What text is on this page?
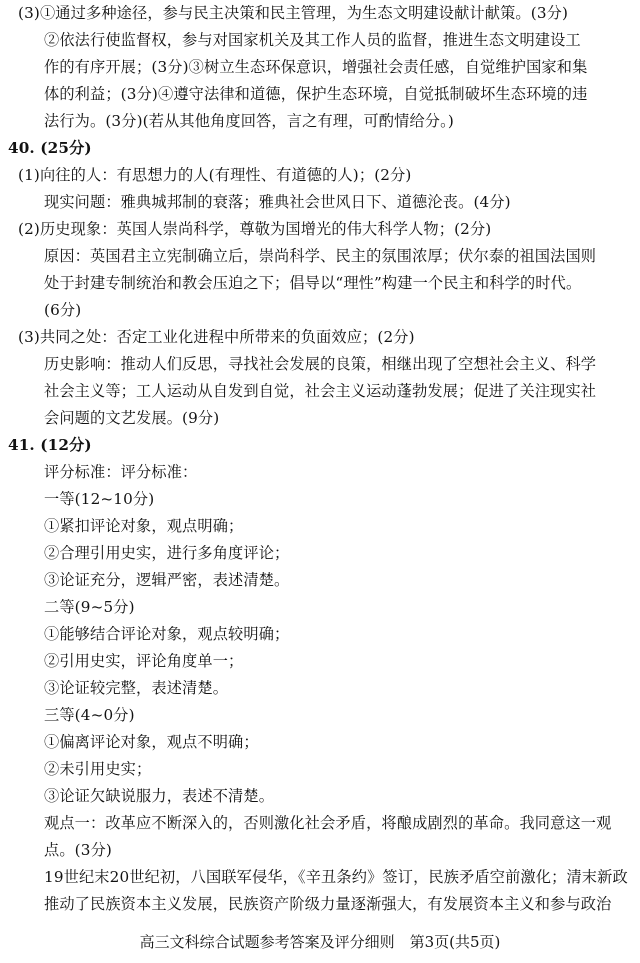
(3)①通过多种途径，参与民主决策和民主管理，为生态文明建设献计献策。(3分)
②依法行使监督权，参与对国家机关及其工作人员的监督，推进生态文明建设工
作的有序开展；(3分)③树立生态环保意识，增强社会责任感，自觉维护国家和集
体的利益；(3分)④遵守法律和道德，保护生态环境，自觉抵制破坏生态环境的违
法行为。(3分)(若从其他角度回答，言之有理，可酌情给分。)
40. (25分)
(1)向往的人：有思想力的人(有理性、有道德的人)；(2分)
现实问题：雅典城邦制的衰落；雅典社会世风日下、道德沦丧。(4分)
(2)历史现象：英国人崇尚科学，尊敬为国增光的伟大科学人物；(2分)
原因：英国君主立宪制确立后，崇尚科学、民主的氛围浓厚；伏尔泰的祖国法国则
处于封建专制统治和教会压迫之下；倡导以“理性”构建一个民主和科学的时代。
(6分)
(3)共同之处：否定工业化进程中所带来的负面效应；(2分)
历史影响：推动人们反思，寻找社会发展的良策，相继出现了空想社会主义、科学
社会主义等；工人运动从自发到自觉，社会主义运动蓬勃发展；促进了关注现实社
会问题的文艺发展。(9分)
41. (12分)
评分标准：评分标准：
一等(12~10分)
①紧扣评论对象，观点明确；
②合理引用史实，进行多角度评论；
③论证充分，逻辑严密，表述清楚。
二等(9~5分)
①能够结合评论对象，观点较明确；
②引用史实，评论角度单一；
③论证较完整，表述清楚。
三等(4~0分)
①偏离评论对象，观点不明确；
②未引用史实；
③论证欠缺说服力，表述不清楚。
观点一：改革应不断深入的，否则激化社会矛盾，将酿成剧烈的革命。我同意这一观
点。(3分)
19世纪末20世纪初，八国联军侵华，《辛丑条约》签订，民族矛盾空前激化；清末新政
推动了民族资本主义发展，民族资产阶级力量逐渐强大，有发展资本主义和参与政治
高三文科综合试题参考答案及评分细则　第3页(共5页)
